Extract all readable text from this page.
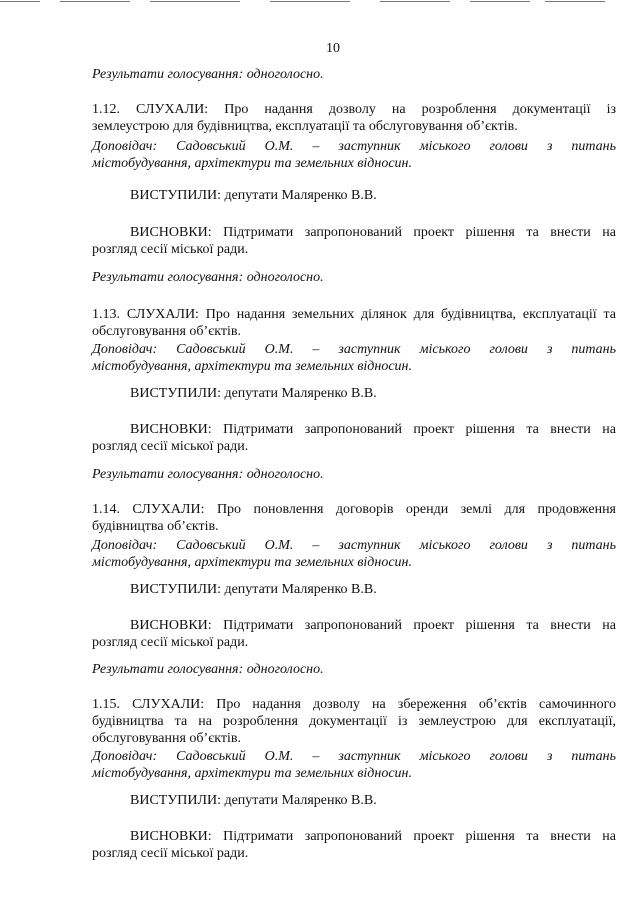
10
Результати голосування: одноголосно.
1.12. СЛУХАЛИ: Про надання дозволу на розроблення документації із
землеустрою для будівництва, експлуатації та обслуговування об’єктів.
Доповідач: Садовський О.М. – заступник міського голови з питань
містобудування, архітектури та земельних відносин.
ВИСТУПИЛИ: депутати Маляренко В.В.
ВИСНОВКИ: Підтримати запропонований проект рішення та внести на
розгляд сесії міської ради.
Результати голосування: одноголосно.
1.13. СЛУХАЛИ: Про надання земельних ділянок для будівництва, експлуатації та
обслуговування об’єктів.
Доповідач: Садовський О.М. – заступник міського голови з питань
містобудування, архітектури та земельних відносин.
ВИСТУПИЛИ: депутати Маляренко В.В.
ВИСНОВКИ: Підтримати запропонований проект рішення та внести на
розгляд сесії міської ради.
Результати голосування: одноголосно.
1.14. СЛУХАЛИ: Про поновлення договорів оренди землі для продовження
будівництва об’єктів.
Доповідач: Садовський О.М. – заступник міського голови з питань
містобудування, архітектури та земельних відносин.
ВИСТУПИЛИ: депутати Маляренко В.В.
ВИСНОВКИ: Підтримати запропонований проект рішення та внести на
розгляд сесії міської ради.
Результати голосування: одноголосно.
1.15. СЛУХАЛИ: Про надання дозволу на збереження об’єктів самочинного
будівництва та на розроблення документації із землеустрою для експлуатації,
обслуговування об’єктів.
Доповідач: Садовський О.М. – заступник міського голови з питань
містобудування, архітектури та земельних відносин.
ВИСТУПИЛИ: депутати Маляренко В.В.
ВИСНОВКИ: Підтримати запропонований проект рішення та внести на
розгляд сесії міської ради.
